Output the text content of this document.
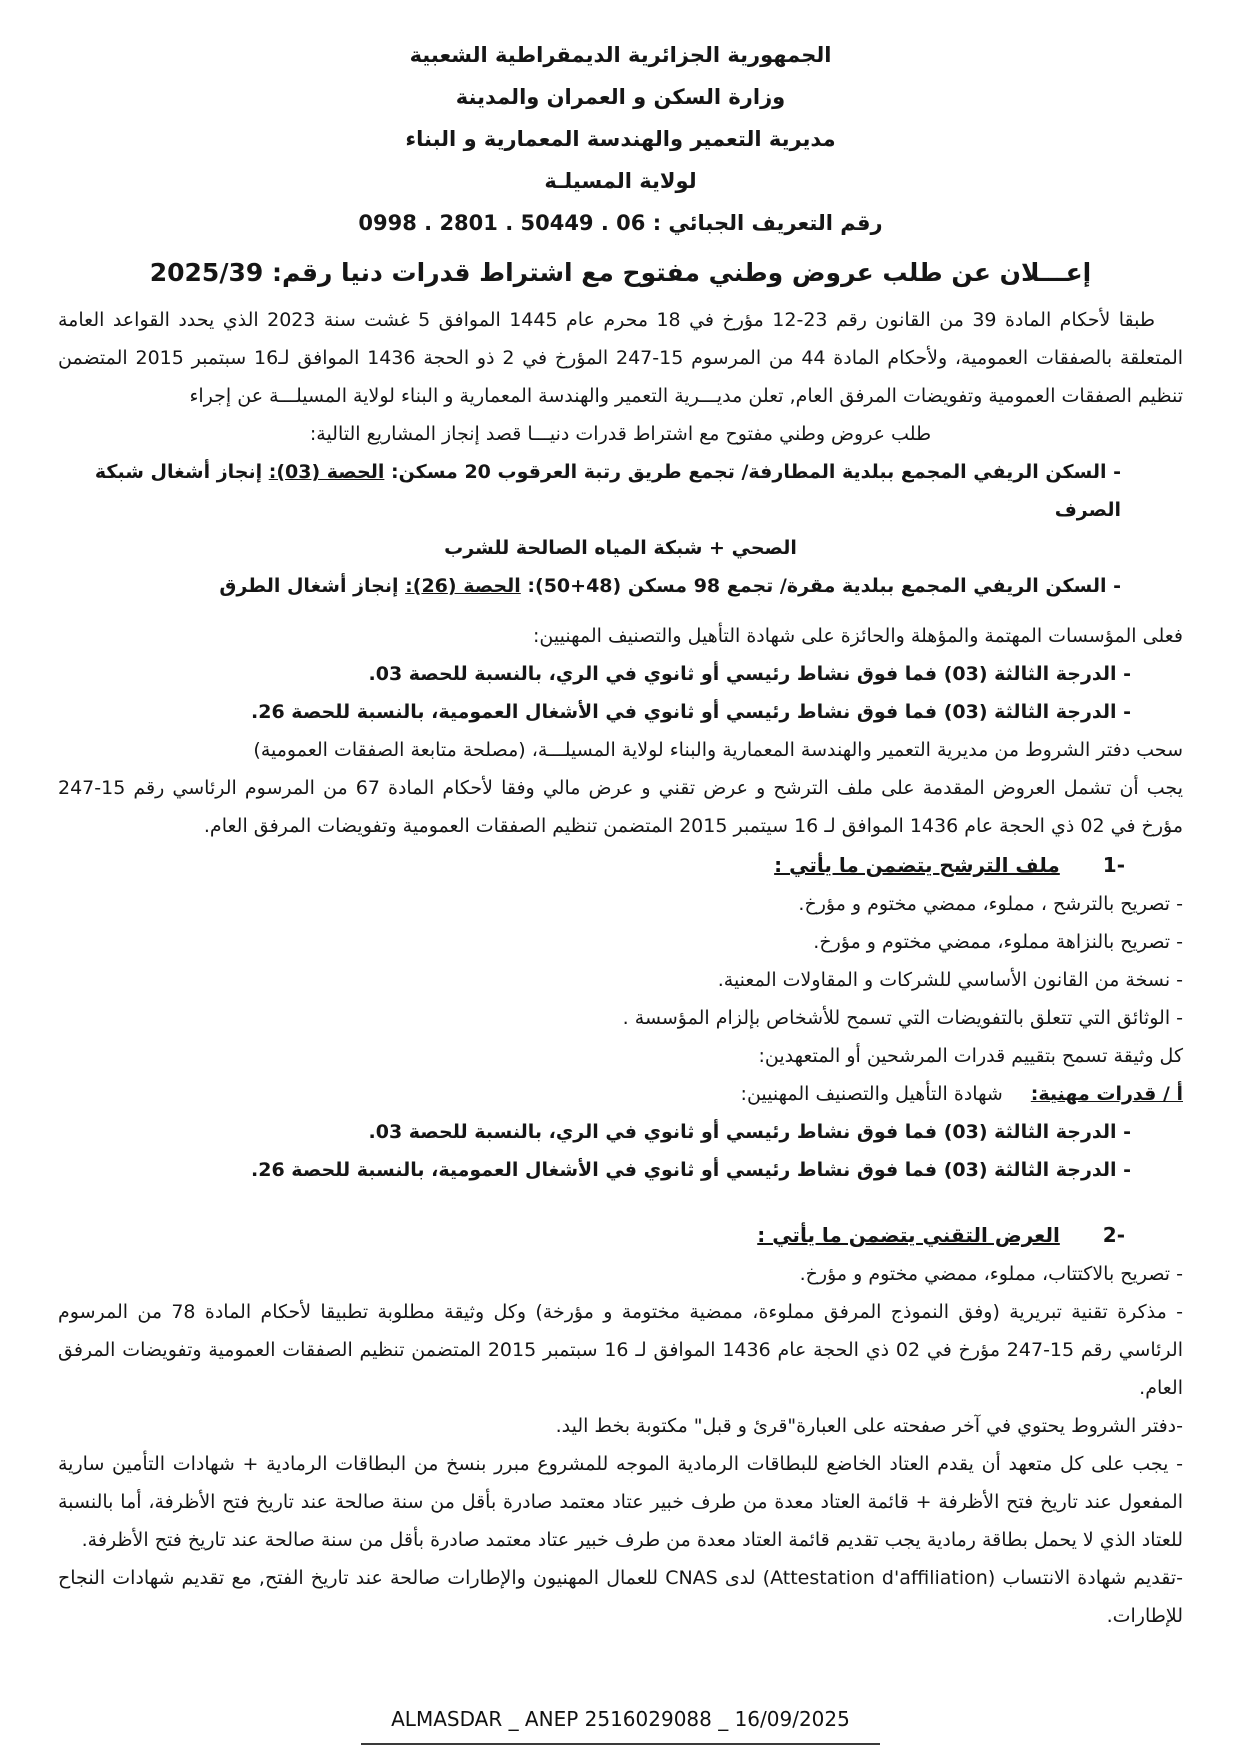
الجمهورية الجزائرية الديمقراطية الشعبية
وزارة السكن و العمران والمدينة
مديرية التعمير والهندسة المعمارية و البناء
لولاية المسيلـة
رقم التعريف الجبائي : 0998 . 2801 . 50449 . 06
إعـــلان عن طلب عروض وطني مفتوح مع اشتراط قدرات دنيا رقم: 2025/39

طبقا لأحكام المادة 39 من القانون رقم 23-12 مؤرخ في 18 محرم عام 1445 الموافق 5 غشت سنة 2023 الذي يحدد القواعد العامة المتعلقة بالصفقات العمومية، ولأحكام المادة 44 من المرسوم 15-247 المؤرخ في 2 ذو الحجة 1436 الموافق لـ16 سبتمبر 2015 المتضمن تنظيم الصفقات العمومية وتفويضات المرفق العام, تعلن مديـــرية التعمير والهندسة المعمارية و البناء لولاية المسيلـــة عن إجراء

طلب عروض وطني مفتوح مع اشتراط قدرات دنيـــا قصد إنجاز المشاريع التالية:

- السكن الريفي المجمع ببلدية المطارفة/ تجمع طريق رتبة العرقوب 20 مسكن: الحصة (03): إنجاز أشغال شبكة الصرف
الصحي + شبكة المياه الصالحة للشرب
- السكن الريفي المجمع ببلدية مقرة/ تجمع 98 مسكن (48+50): الحصة (26): إنجاز أشغال الطرق

فعلى المؤسسات المهتمة والمؤهلة والحائزة على شهادة التأهيل والتصنيف المهنيين:

- الدرجة الثالثة (03) فما فوق نشاط رئيسي أو ثانوي في الري، بالنسبة للحصة 03.

- الدرجة الثالثة (03) فما فوق نشاط رئيسي أو ثانوي في الأشغال العمومية، بالنسبة للحصة 26.

سحب دفتر الشروط من مديرية التعمير والهندسة المعمارية والبناء لولاية المسيلـــة، (مصلحة متابعة الصفقات العمومية)

يجب أن تشمل العروض المقدمة على ملف الترشح و عرض تقني و عرض مالي وفقا لأحكام المادة 67 من المرسوم الرئاسي رقم 15-247 مؤرخ في 02 ذي الحجة عام 1436 الموافق لـ 16 سيتمبر 2015 المتضمن تنظيم الصفقات العمومية وتفويضات المرفق العام.

1- ملف الترشح يتضمن ما يأتي :

- تصريح بالترشح ، مملوء، ممضي مختوم و مؤرخ.

- تصريح بالنزاهة مملوء، ممضي مختوم و مؤرخ.

- نسخة من القانون الأساسي للشركات و المقاولات المعنية.

- الوثائق التي تتعلق بالتفويضات التي تسمح للأشخاص بإلزام المؤسسة .

كل وثيقة تسمح بتقييم قدرات المرشحين أو المتعهدين:

أ / قدرات مهنية: شهادة التأهيل والتصنيف المهنيين:

- الدرجة الثالثة (03) فما فوق نشاط رئيسي أو ثانوي في الري، بالنسبة للحصة 03.

- الدرجة الثالثة (03) فما فوق نشاط رئيسي أو ثانوي في الأشغال العمومية، بالنسبة للحصة 26.

2- العرض التقني يتضمن ما يأتي :

- تصريح بالاكتتاب، مملوء، ممضي مختوم و مؤرخ.

- مذكرة تقنية تبريرية (وفق النموذج المرفق مملوءة، ممضية مختومة و مؤرخة) وكل وثيقة مطلوبة تطبيقا لأحكام المادة 78 من المرسوم الرئاسي رقم 15-247 مؤرخ في 02 ذي الحجة عام 1436 الموافق لـ 16 سبتمبر 2015 المتضمن تنظيم الصفقات العمومية وتفويضات المرفق العام.

-دفتر الشروط يحتوي في آخر صفحته على العبارة"قرئ و قبل" مكتوبة بخط اليد.

- يجب على كل متعهد أن يقدم العتاد الخاضع للبطاقات الرمادية الموجه للمشروع مبرر بنسخ من البطاقات الرمادية + شهادات التأمين سارية المفعول عند تاريخ فتح الأظرفة + قائمة العتاد معدة من طرف خبير عتاد معتمد صادرة بأقل من سنة صالحة عند تاريخ فتح الأظرفة، أما بالنسبة للعتاد الذي لا يحمل بطاقة رمادية يجب تقديم قائمة العتاد معدة من طرف خبير عتاد معتمد صادرة بأقل من سنة صالحة عند تاريخ فتح الأظرفة.

-تقديم شهادة الانتساب (Attestation d'affiliation) لدى CNAS للعمال المهنيون والإطارات صالحة عند تاريخ الفتح, مع تقديم شهادات النجاح للإطارات.

ALMASDAR _ ANEP 2516029088 _ 16/09/2025
